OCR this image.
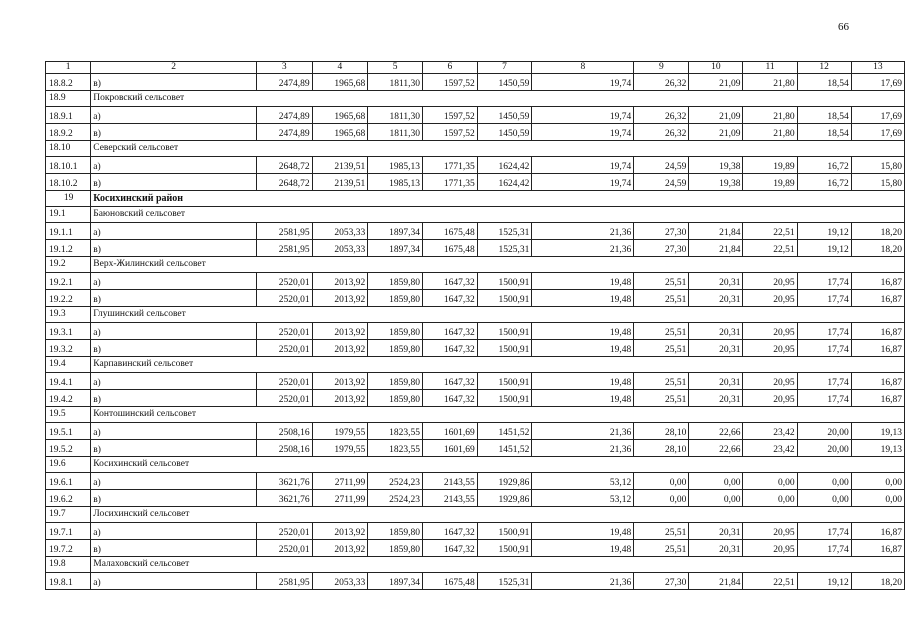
66
1	2	3	4	5	6	7	8	9	10	11	12	13
18.8.2	в)	2474,89	1965,68	1811,30	1597,52	1450,59	19,74	26,32	21,09	21,80	18,54	17,69
18.9	Покровский сельсовет											
18.9.1	а)	2474,89	1965,68	1811,30	1597,52	1450,59	19,74	26,32	21,09	21,80	18,54	17,69
18.9.2	в)	2474,89	1965,68	1811,30	1597,52	1450,59	19,74	26,32	21,09	21,80	18,54	17,69
18.10	Северский сельсовет											
18.10.1	а)	2648,72	2139,51	1985,13	1771,35	1624,42	19,74	24,59	19,38	19,89	16,72	15,80
18.10.2	в)	2648,72	2139,51	1985,13	1771,35	1624,42	19,74	24,59	19,38	19,89	16,72	15,80
19	Косихинский район											
19.1	Баюновский сельсовет											
19.1.1	а)	2581,95	2053,33	1897,34	1675,48	1525,31	21,36	27,30	21,84	22,51	19,12	18,20
19.1.2	в)	2581,95	2053,33	1897,34	1675,48	1525,31	21,36	27,30	21,84	22,51	19,12	18,20
19.2	Верх-Жилинский сельсовет											
19.2.1	а)	2520,01	2013,92	1859,80	1647,32	1500,91	19,48	25,51	20,31	20,95	17,74	16,87
19.2.2	в)	2520,01	2013,92	1859,80	1647,32	1500,91	19,48	25,51	20,31	20,95	17,74	16,87
19.3	Глушинский сельсовет											
19.3.1	а)	2520,01	2013,92	1859,80	1647,32	1500,91	19,48	25,51	20,31	20,95	17,74	16,87
19.3.2	в)	2520,01	2013,92	1859,80	1647,32	1500,91	19,48	25,51	20,31	20,95	17,74	16,87
19.4	Карпавинский сельсовет											
19.4.1	а)	2520,01	2013,92	1859,80	1647,32	1500,91	19,48	25,51	20,31	20,95	17,74	16,87
19.4.2	в)	2520,01	2013,92	1859,80	1647,32	1500,91	19,48	25,51	20,31	20,95	17,74	16,87
19.5	Контошинский сельсовет											
19.5.1	а)	2508,16	1979,55	1823,55	1601,69	1451,52	21,36	28,10	22,66	23,42	20,00	19,13
19.5.2	в)	2508,16	1979,55	1823,55	1601,69	1451,52	21,36	28,10	22,66	23,42	20,00	19,13
19.6	Косихинский сельсовет											
19.6.1	а)	3621,76	2711,99	2524,23	2143,55	1929,86	53,12	0,00	0,00	0,00	0,00	0,00
19.6.2	в)	3621,76	2711,99	2524,23	2143,55	1929,86	53,12	0,00	0,00	0,00	0,00	0,00
19.7	Лосихинский сельсовет											
19.7.1	а)	2520,01	2013,92	1859,80	1647,32	1500,91	19,48	25,51	20,31	20,95	17,74	16,87
19.7.2	в)	2520,01	2013,92	1859,80	1647,32	1500,91	19,48	25,51	20,31	20,95	17,74	16,87
19.8	Малаховский сельсовет											
19.8.1	а)	2581,95	2053,33	1897,34	1675,48	1525,31	21,36	27,30	21,84	22,51	19,12	18,20
